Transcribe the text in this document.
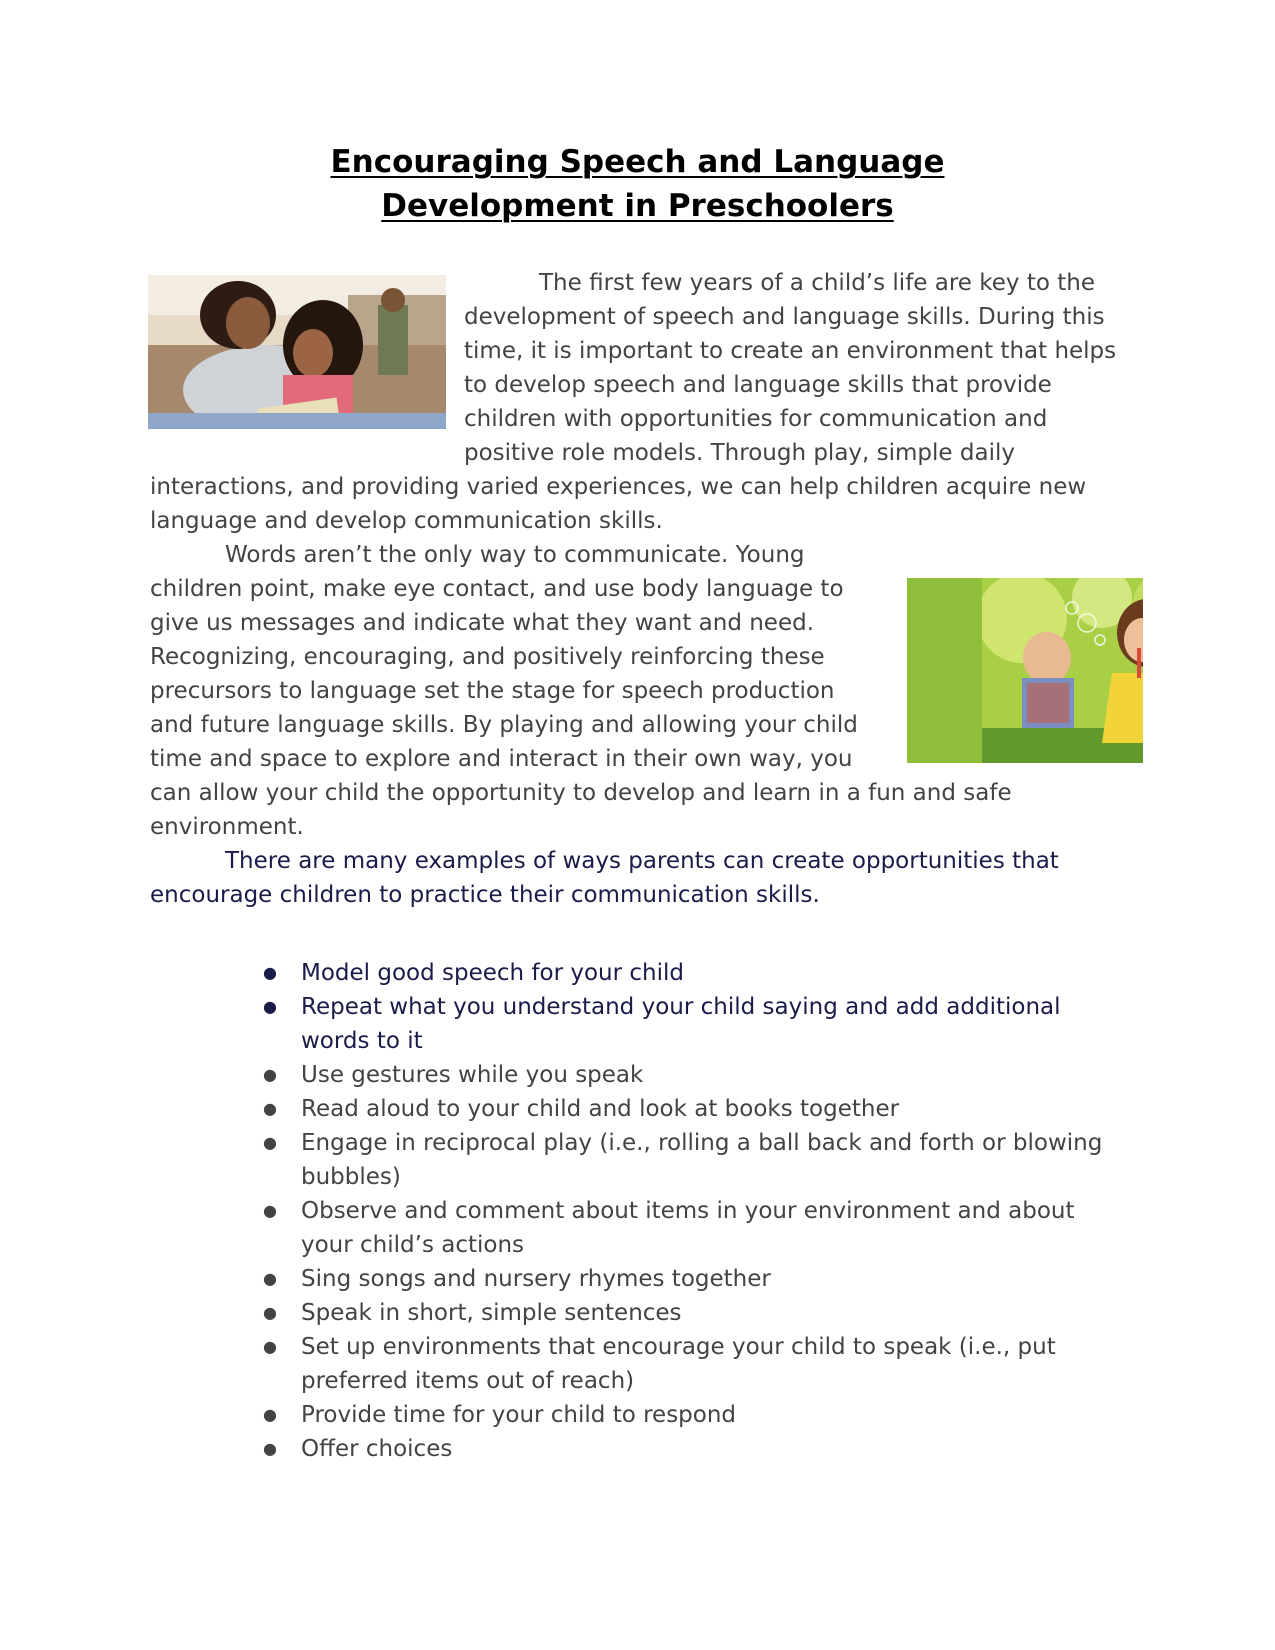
Encouraging Speech and Language
Development in Preschoolers

The first few years of a child’s life are key to the development of speech and language skills. During this time, it is important to create an environment that helps to develop speech and language skills that provide children with opportunities for communication and positive role models. Through play, simple daily interactions, and providing varied experiences, we can help children acquire new language and develop communication skills.

Words aren’t the only way to communicate. Young children point, make eye contact, and use body language to give us messages and indicate what they want and need. Recognizing, encouraging, and positively reinforcing these precursors to language set the stage for speech production and future language skills. By playing and allowing your child time and space to explore and interact in their own way, you can allow your child the opportunity to develop and learn in a fun and safe environment.

There are many examples of ways parents can create opportunities that encourage children to practice their communication skills.

● Model good speech for your child
● Repeat what you understand your child saying and add additional words to it
● Use gestures while you speak
● Read aloud to your child and look at books together
● Engage in reciprocal play (i.e., rolling a ball back and forth or blowing bubbles)
● Observe and comment about items in your environment and about your child’s actions
● Sing songs and nursery rhymes together
● Speak in short, simple sentences
● Set up environments that encourage your child to speak (i.e., put preferred items out of reach)
● Provide time for your child to respond
● Offer choices
